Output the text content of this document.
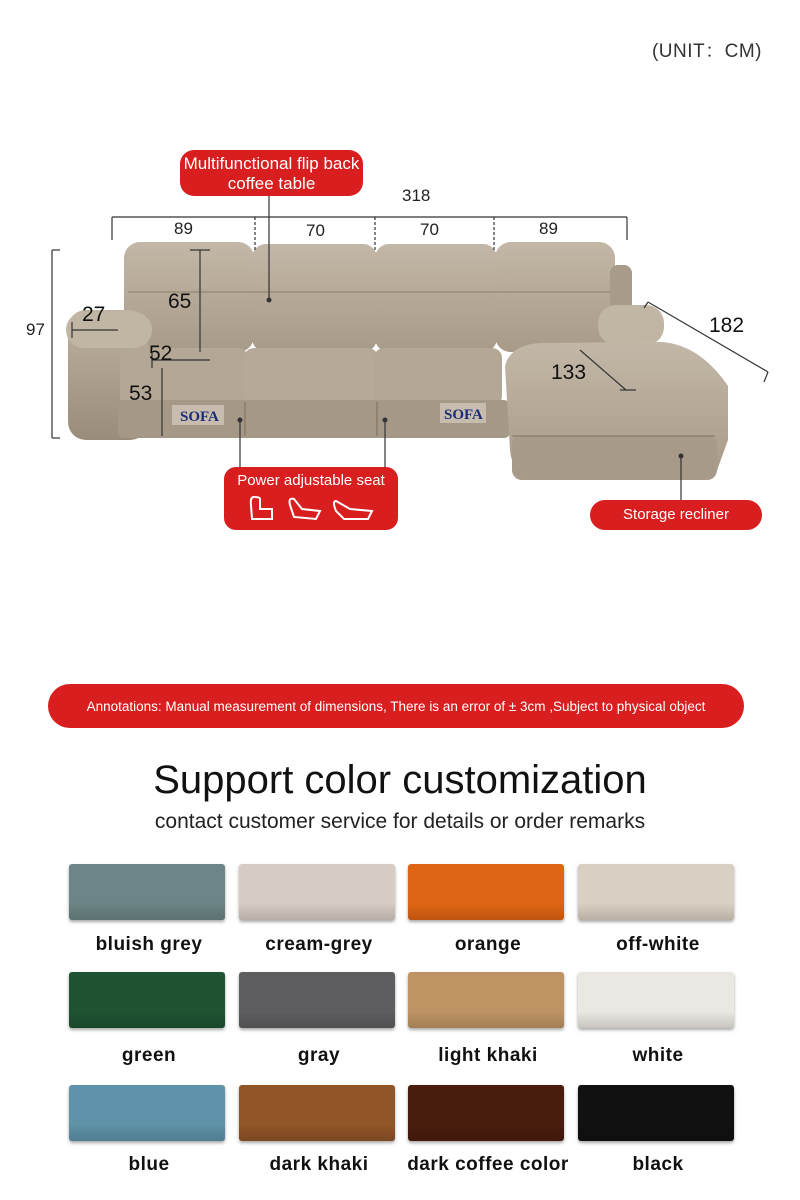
(UNIT：CM)
SOFA	SOFA
318
89	70	70	89
97
27
65
52
53
133
182
Multifunctional flip back coffee table
Power adjustable seat
Storage recliner
Annotations: Manual measurement of dimensions, There is an error of ± 3cm ,Subject to physical object
Support color customization
contact customer service for details or order remarks
bluish grey	cream-grey	orange	off-white
green	gray	light khaki	white
blue	dark khaki	dark coffee color	black
